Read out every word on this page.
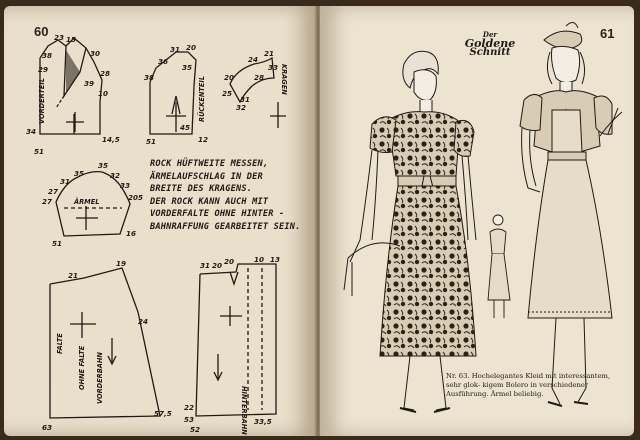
60
38
29
23 15
30
28
39
10
14,5
34
51
36
38
31 20
35
12
51
45
20
25
24
21
28
31
32
33
27
27
31
35
35
32
33
205
16
51
21
19
24
63
57,5
31 20 20	10 13
22
53
52
33,5
VORDERTEIL	RÜCKENTEIL	KRAGEN
ÄRMEL
FALTE
OHNE FALTE VORDERBAHN
HINTERBAHN
ROCK HÜFTWEITE MESSEN,
ÄRMELAUFSCHLAG IN DER
BREITE DES KRAGENS.
DER ROCK KANN AUCH MIT
VORDERFALTE OHNE HINTER -
BAHNRAFFUNG GEARBEITET SEIN.
61
Der
Goldene
Schnitt
Nr. 63. Hochelegantes Kleid mit interessantem, sehr glok- kigem Bolero in verschiedener Ausführung. Ärmel beliebig.
